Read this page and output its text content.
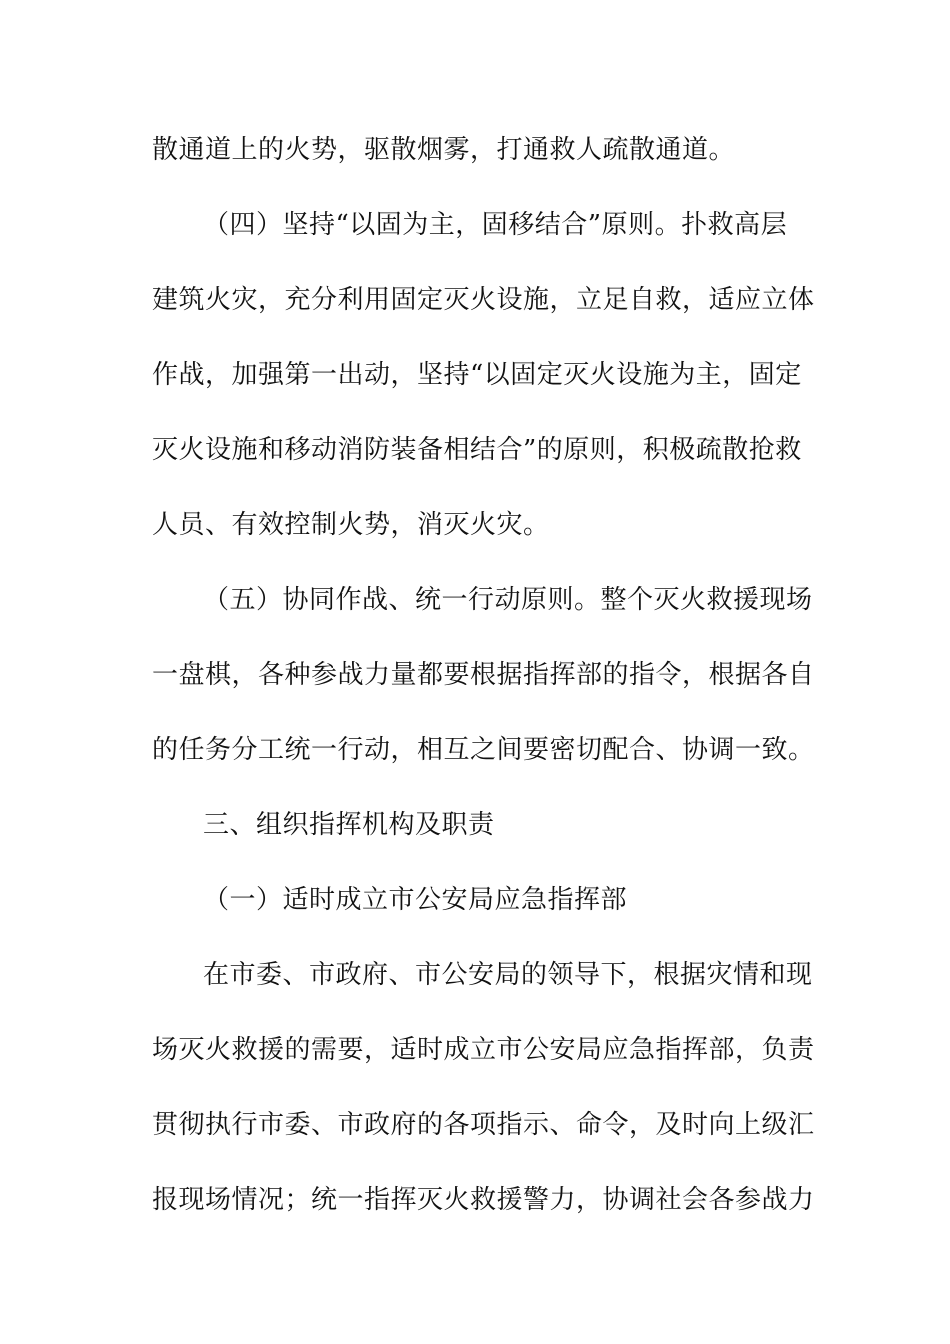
散通道上的火势，驱散烟雾，打通救人疏散通道。
（四）坚持“以固为主，固移结合”原则。扑救高层
建筑火灾，充分利用固定灭火设施，立足自救，适应立体
作战，加强第一出动，坚持“以固定灭火设施为主，固定
灭火设施和移动消防装备相结合”的原则，积极疏散抢救
人员、有效控制火势，消灭火灾。
（五）协同作战、统一行动原则。整个灭火救援现场
一盘棋，各种参战力量都要根据指挥部的指令，根据各自
的任务分工统一行动，相互之间要密切配合、协调一致。
三、组织指挥机构及职责
（一）适时成立市公安局应急指挥部
在市委、市政府、市公安局的领导下，根据灾情和现
场灭火救援的需要，适时成立市公安局应急指挥部，负责
贯彻执行市委、市政府的各项指示、命令，及时向上级汇
报现场情况；统一指挥灭火救援警力，协调社会各参战力
